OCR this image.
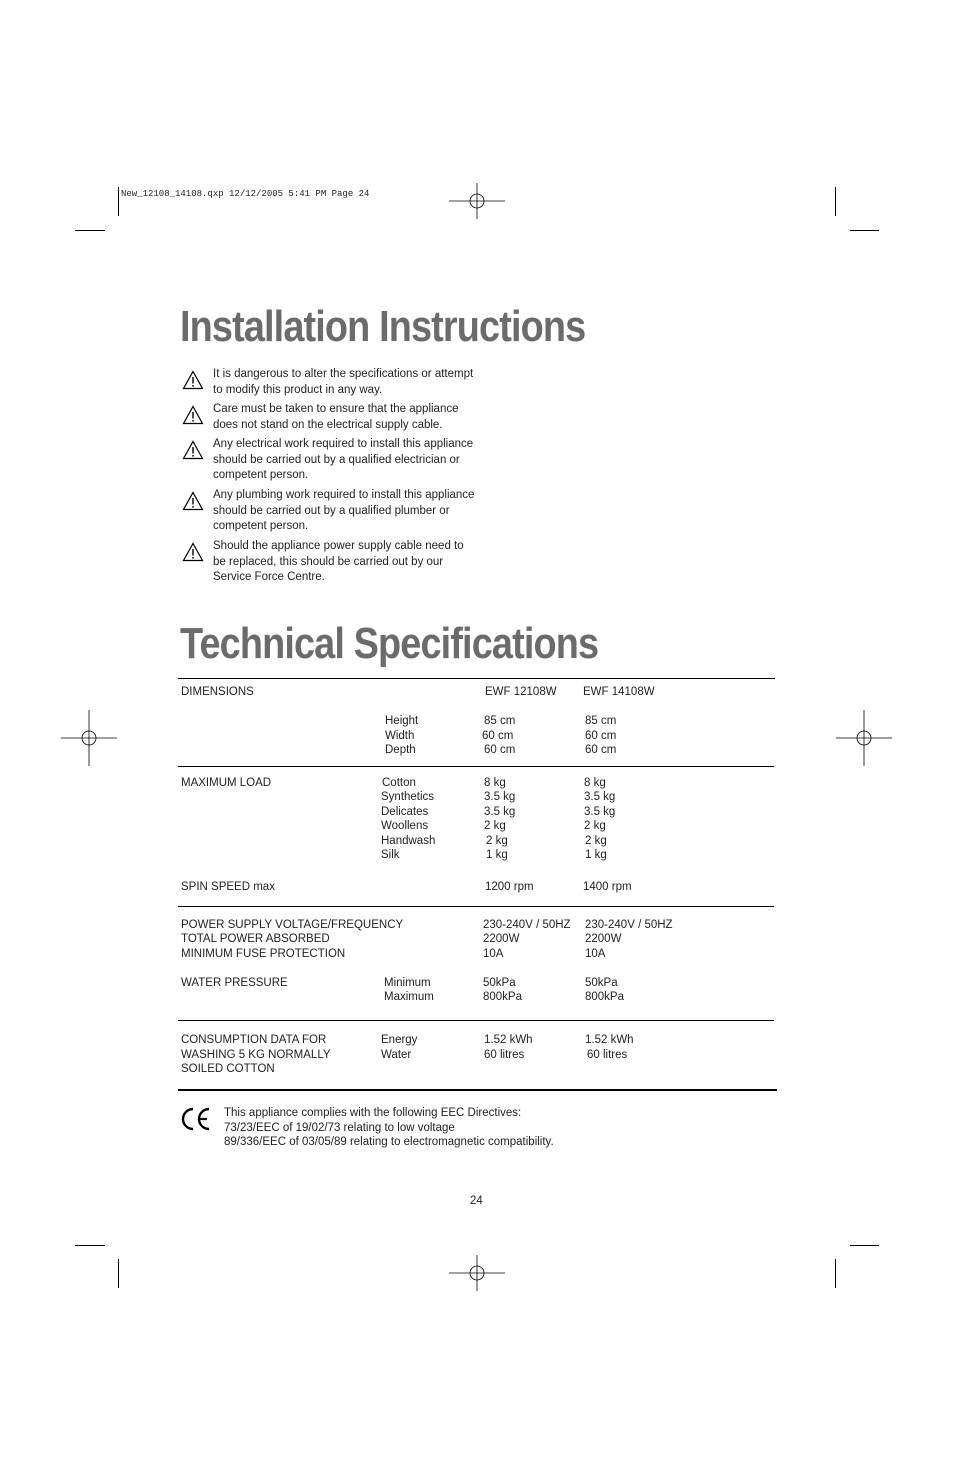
New_12108_14108.qxp 12/12/2005 5:41 PM Page 24
Installation Instructions
It is dangerous to alter the specifications or attempt
to modify this product in any way.
Care must be taken to ensure that the appliance
does not stand on the electrical supply cable.
Any electrical work required to install this appliance
should be carried out by a qualified electrician or
competent person.
Any plumbing work required to install this appliance
should be carried out by a qualified plumber or
competent person.
Should the appliance power supply cable need to
be replaced, this should be carried out by our
Service Force Centre.
Technical Specifications
DIMENSIONS	EWF 12108W EWF 14108W
Height	85 cm	85 cm
Width	60 cm	60 cm
Depth	60 cm	60 cm
MAXIMUM LOAD	Cotton	8 kg	8 kg
Synthetics	3.5 kg	3.5 kg
Delicates	3.5 kg	3.5 kg
Woollens	2 kg	2 kg
Handwash	2 kg	2 kg
Silk	1 kg	1 kg
SPIN SPEED max	1200 rpm	1400 rpm
POWER SUPPLY VOLTAGE/FREQUENCY	230-240V / 50HZ 230-240V / 50HZ
TOTAL POWER ABSORBED	2200W	2200W
MINIMUM FUSE PROTECTION	10A	10A
WATER PRESSURE	Minimum	50kPa	50kPa
Maximum	800kPa	800kPa
CONSUMPTION DATA FOR
WASHING 5 KG NORMALLY
SOILED COTTON
Energy	1.52 kWh	1.52 kWh
Water	60 litres	60 litres
This appliance complies with the following EEC Directives:
73/23/EEC of 19/02/73 relating to low voltage
89/336/EEC of 03/05/89 relating to electromagnetic compatibility.
24
